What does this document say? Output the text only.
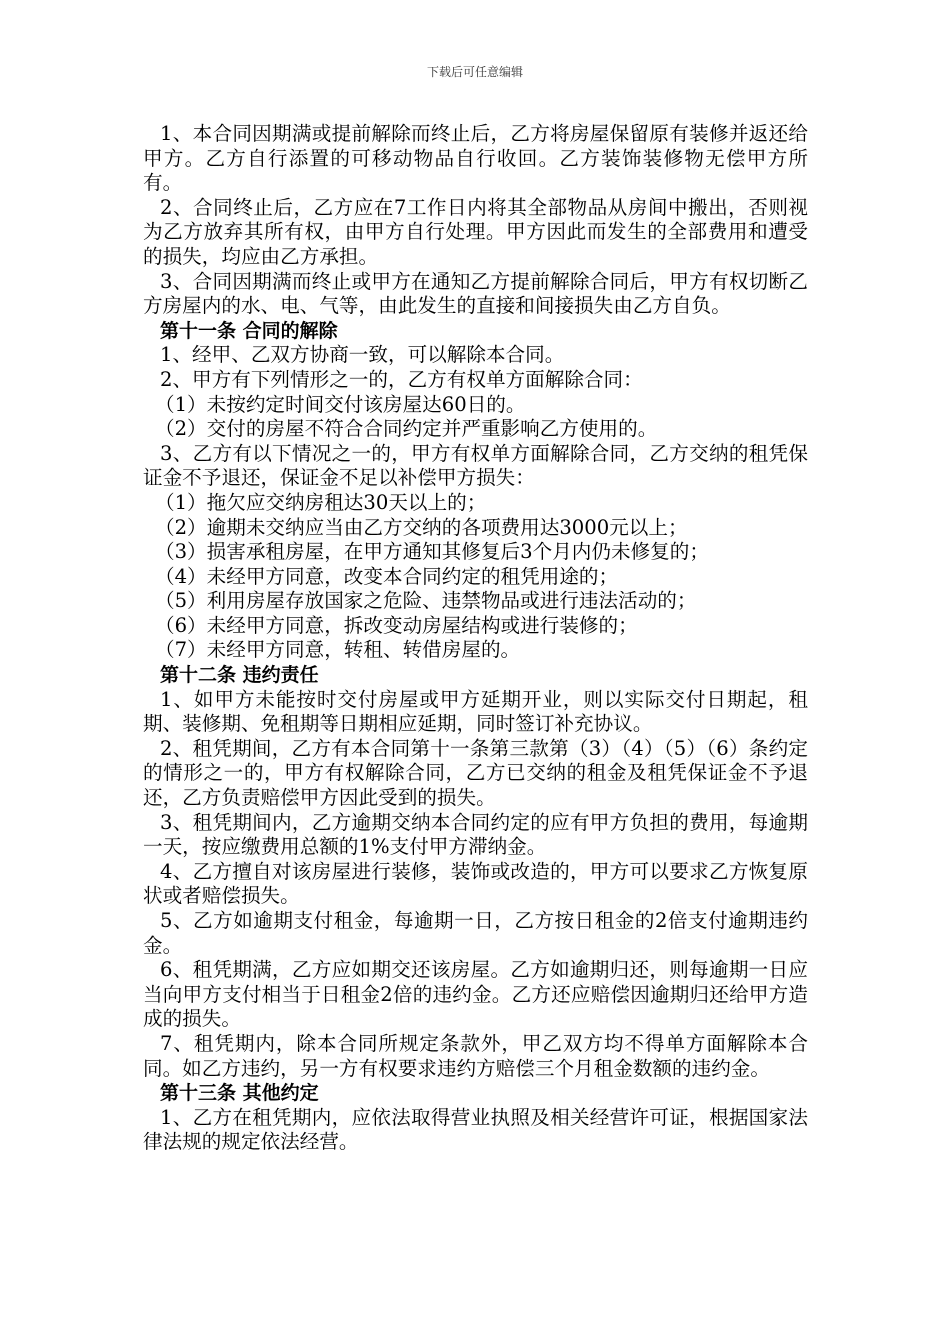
下载后可任意编辑

1、本合同因期满或提前解除而终止后，乙方将房屋保留原有装修并返还给甲方。乙方自行添置的可移动物品自行收回。乙方装饰装修物无偿甲方所有。

2、合同终止后，乙方应在7工作日内将其全部物品从房间中搬出，否则视为乙方放弃其所有权，由甲方自行处理。甲方因此而发生的全部费用和遭受的损失，均应由乙方承担。

3、合同因期满而终止或甲方在通知乙方提前解除合同后，甲方有权切断乙方房屋内的水、电、气等，由此发生的直接和间接损失由乙方自负。

第十一条 合同的解除

1、经甲、乙双方协商一致，可以解除本合同。

2、甲方有下列情形之一的，乙方有权单方面解除合同：

（1）未按约定时间交付该房屋达60日的。

（2）交付的房屋不符合合同约定并严重影响乙方使用的。

3、乙方有以下情况之一的，甲方有权单方面解除合同，乙方交纳的租凭保证金不予退还，保证金不足以补偿甲方损失：

（1）拖欠应交纳房租达30天以上的；

（2）逾期未交纳应当由乙方交纳的各项费用达3000元以上；

（3）损害承租房屋，在甲方通知其修复后3个月内仍未修复的；

（4）未经甲方同意，改变本合同约定的租凭用途的；

（5）利用房屋存放国家之危险、违禁物品或进行违法活动的；

（6）未经甲方同意，拆改变动房屋结构或进行装修的；

（7）未经甲方同意，转租、转借房屋的。

第十二条 违约责任

1、如甲方未能按时交付房屋或甲方延期开业，则以实际交付日期起，租期、装修期、免租期等日期相应延期，同时签订补充协议。

2、租凭期间，乙方有本合同第十一条第三款第（3）（4）（5）（6）条约定的情形之一的，甲方有权解除合同，乙方已交纳的租金及租凭保证金不予退还，乙方负责赔偿甲方因此受到的损失。

3、租凭期间内，乙方逾期交纳本合同约定的应有甲方负担的费用，每逾期一天，按应缴费用总额的1%支付甲方滞纳金。

4、乙方擅自对该房屋进行装修，装饰或改造的，甲方可以要求乙方恢复原状或者赔偿损失。

5、乙方如逾期支付租金，每逾期一日，乙方按日租金的2倍支付逾期违约金。

6、租凭期满，乙方应如期交还该房屋。乙方如逾期归还，则每逾期一日应当向甲方支付相当于日租金2倍的违约金。乙方还应赔偿因逾期归还给甲方造成的损失。

7、租凭期内，除本合同所规定条款外，甲乙双方均不得单方面解除本合同。如乙方违约，另一方有权要求违约方赔偿三个月租金数额的违约金。

第十三条 其他约定

1、乙方在租凭期内，应依法取得营业执照及相关经营许可证，根据国家法律法规的规定依法经营。
